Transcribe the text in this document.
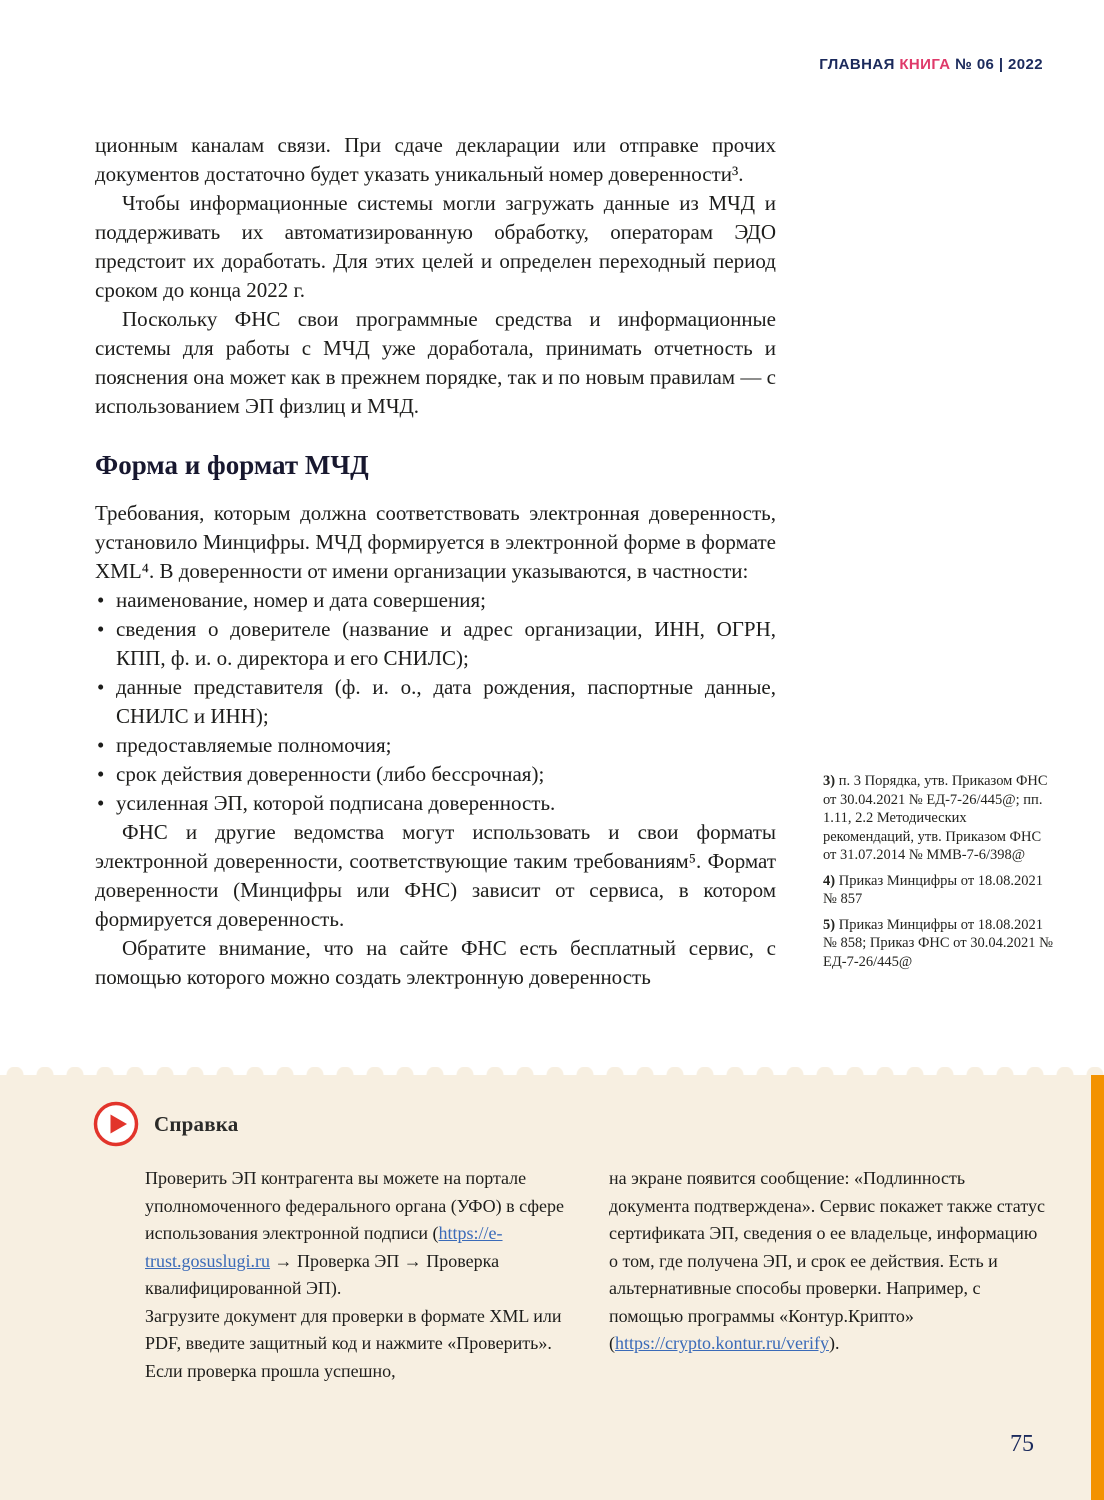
ГЛАВНАЯ КНИГА № 06 | 2022

ционным каналам связи. При сдаче декларации или отправке прочих документов достаточно будет указать уникальный номер доверенности³.

Чтобы информационные системы могли загружать данные из МЧД и поддерживать их автоматизированную обработку, операторам ЭДО предстоит их доработать. Для этих целей и определен переходный период сроком до конца 2022 г.

Поскольку ФНС свои программные средства и информационные системы для работы с МЧД уже доработала, принимать отчетность и пояснения она может как в прежнем порядке, так и по новым правилам — с использованием ЭП физлиц и МЧД.

Форма и формат МЧД

Требования, которым должна соответствовать электронная доверенность, установило Минцифры. МЧД формируется в электронной форме в формате XML⁴. В доверенности от имени организации указываются, в частности:

• наименование, номер и дата совершения;
• сведения о доверителе (название и адрес организации, ИНН, ОГРН, КПП, ф. и. о. директора и его СНИЛС);
• данные представителя (ф. и. о., дата рождения, паспортные данные, СНИЛС и ИНН);
• предоставляемые полномочия;
• срок действия доверенности (либо бессрочная);
• усиленная ЭП, которой подписана доверенность.

ФНС и другие ведомства могут использовать и свои форматы электронной доверенности, соответствующие таким требованиям⁵. Формат доверенности (Минцифры или ФНС) зависит от сервиса, в котором формируется доверенность.

Обратите внимание, что на сайте ФНС есть бесплатный сервис, с помощью которого можно создать электронную доверенность

3) п. 3 Порядка, утв. Приказом ФНС от 30.04.2021 № ЕД-7-26/445@; пп. 1.11, 2.2 Методических рекомендаций, утв. Приказом ФНС от 31.07.2014 № ММВ-7-6/398@

4) Приказ Минцифры от 18.08.2021 № 857

5) Приказ Минцифры от 18.08.2021 № 858; Приказ ФНС от 30.04.2021 № ЕД-7-26/445@

Справка

Проверить ЭП контрагента вы можете на портале уполномоченного федерального органа (УФО) в сфере использования электронной подписи (https://e-trust.gosuslugi.ru → Проверка ЭП → Проверка квалифицированной ЭП).

Загрузите документ для проверки в формате XML или PDF, введите защитный код и нажмите «Проверить». Если проверка прошла успешно,

на экране появится сообщение: «Подлинность документа подтверждена». Сервис покажет также статус сертификата ЭП, сведения о ее владельце, информацию о том, где получена ЭП, и срок ее действия. Есть и альтернативные способы проверки. Например, с помощью программы «Контур.Крипто» (https://crypto.kontur.ru/verify).

75
